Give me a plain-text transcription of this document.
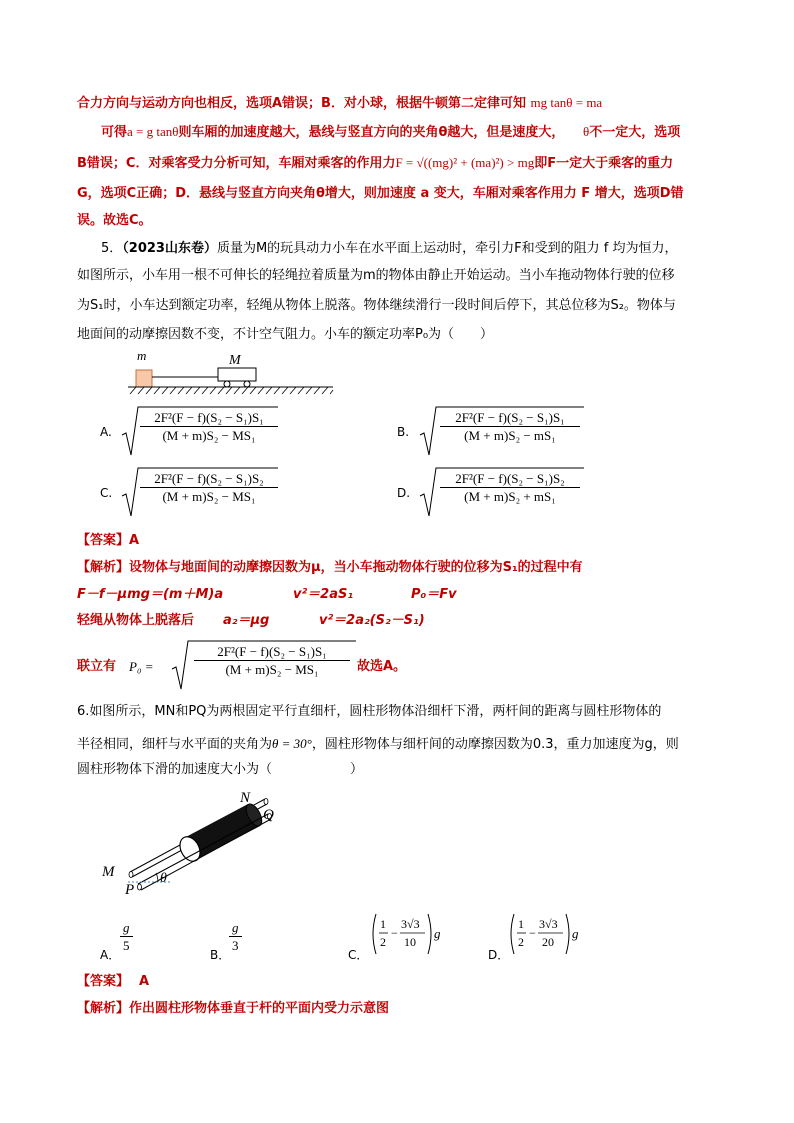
合力方向与运动方向也相反，选项A错误；B．对小球，根据牛顿第二定律可知 mg tanθ = ma
可得a = g tanθ则车厢的加速度越大，悬线与竖直方向的夹角θ越大，但是速度大， θ不一定大，选项
B错误；C．对乘客受力分析可知，车厢对乘客的作用力F = √((mg)² + (ma)²) > mg即F一定大于乘客的重力
G，选项C正确；D．悬线与竖直方向夹角θ增大，则加速度 a 变大，车厢对乘客作用力 F 增大，选项D错
误。故选C。
5．（2023山东卷）质量为M的玩具动力小车在水平面上运动时，牵引力F和受到的阻力 f 均为恒力，
如图所示，小车用一根不可伸长的轻绳拉着质量为m的物体由静止开始运动。当小车拖动物体行驶的位移
为S₁时，小车达到额定功率，轻绳从物体上脱落。物体继续滑行一段时间后停下，其总位移为S₂。物体与
地面间的动摩擦因数不变，不计空气阻力。小车的额定功率P₀为（　　）
m	M
A. $\frac{\text{2F²(F − f)(S₂ − S₁)S₁}}{\text{(M + m)S₂ − MS₁}}$	B. $\frac{\text{2F²(F − f)(S₂ − S₁)S₁}}{\text{(M + m)S₂ − mS₁}}$
C. $\frac{\text{2F²(F − f)(S₂ − S₁)S₂}}{\text{(M + m)S₂ − MS₁}}$	D. $\frac{\text{2F²(F − f)(S₂ − S₁)S₂}}{\text{(M + m)S₂ + mS₁}}$
【答案】A
【解析】设物体与地面间的动摩擦因数为μ，当小车拖动物体行驶的位移为S₁的过程中有
F－f－μmg＝(m＋M)a	v²＝2aS₁	P₀＝Fv
轻绳从物体上脱落后 a₂＝μg	v²＝2a₂(S₂－S₁)
联立有 P₀ =	$\frac{\text{2F²(F − f)(S₂ − S₁)S₁}}{\text{(M + m)S₂ − MS₁}}$ 故选A。
6.如图所示，MN和PQ为两根固定平行直细杆，圆柱形物体沿细杆下滑，两杆间的距离与圆柱形物体的
半径相同，细杆与水平面的夹角为θ = 30°，圆柱形物体与细杆间的动摩擦因数为0.3，重力加速度为g，则
圆柱形物体下滑的加速度大小为（　　　　　　）
N
Q
M
P
θ
A．
$\frac{g}{5}$
B．
$\frac{g}{3}$
C．
1
2
−
3√3
10
g
D．
1
2
−
3√3
20
g
【答案】 A
【解析】作出圆柱形物体垂直于杆的平面内受力示意图
